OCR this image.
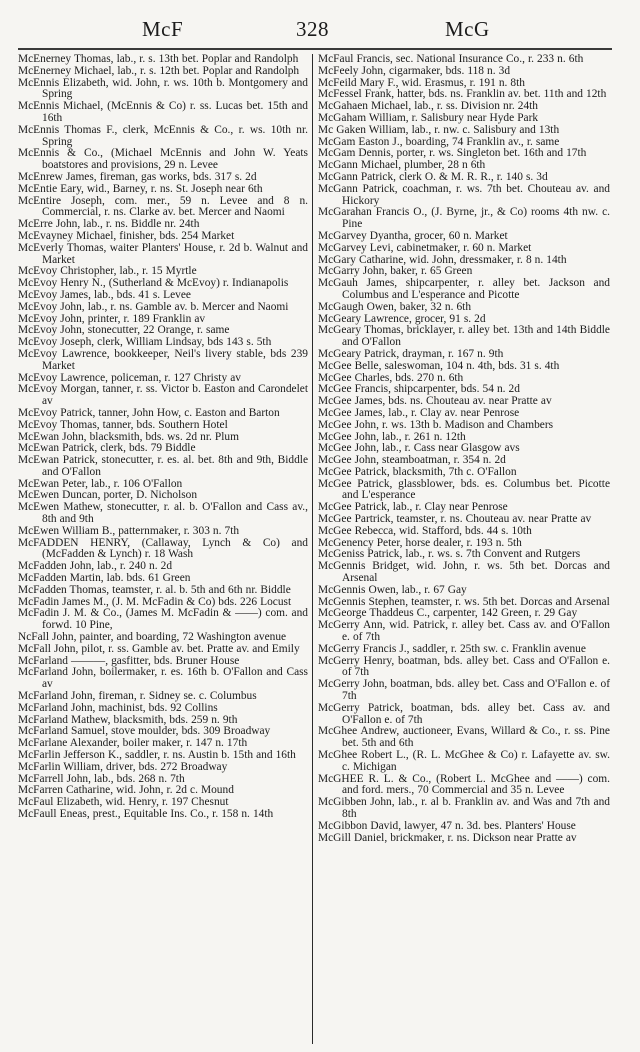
McF	328	McG

McEnerney Thomas, lab., r. s. 13th bet. Poplar and Randolph

McEnerney Michael, lab., r. s. 12th bet. Poplar and Randolph

McEnnis Elizabeth, wid. John, r. ws. 10th b. Montgomery and Spring

McEnnis Michael, (McEnnis & Co) r. ss. Lucas bet. 15th and 16th

McEnnis Thomas F., clerk, McEnnis & Co., r. ws. 10th nr. Spring

McEnnis & Co., (Michael McEnnis and John W. Yeats boatstores and provisions, 29 n. Levee

McEnrew James, fireman, gas works, bds. 317 s. 2d

McEntie Eary, wid., Barney, r. ns. St. Joseph near 6th

McEntire Joseph, com. mer., 59 n. Levee and 8 n. Commercial, r. ns. Clarke av. bet. Mercer and Naomi

McErre John, lab., r. ns. Biddle nr. 24th

McEvayney Michael, finisher, bds. 254 Market

McEverly Thomas, waiter Planters' House, r. 2d b. Walnut and Market

McEvoy Christopher, lab., r. 15 Myrtle

McEvoy Henry N., (Sutherland & McEvoy) r. Indianapolis

McEvoy James, lab., bds. 41 s. Levee

McEvoy John, lab., r. ns. Gamble av. b. Mercer and Naomi

McEvoy John, printer, r. 189 Franklin av

McEvoy John, stonecutter, 22 Orange, r. same

McEvoy Joseph, clerk, William Lindsay, bds 143 s. 5th

McEvoy Lawrence, bookkeeper, Neil's livery stable, bds 239 Market

McEvoy Lawrence, policeman, r. 127 Christy av

McEvoy Morgan, tanner, r. ss. Victor b. Easton and Carondelet av

McEvoy Patrick, tanner, John How, c. Easton and Barton

McEvoy Thomas, tanner, bds. Southern Hotel

McEwan John, blacksmith, bds. ws. 2d nr. Plum

McEwan Patrick, clerk, bds. 79 Biddle

McEwan Patrick, stonecutter, r. es. al. bet. 8th and 9th, Biddle and O'Fallon

McEwan Peter, lab., r. 106 O'Fallon

McEwen Duncan, porter, D. Nicholson

McEwen Mathew, stonecutter, r. al. b. O'Fallon and Cass av., 8th and 9th

McEwen William B., patternmaker, r. 303 n. 7th

McFADDEN HENRY, (Callaway, Lynch & Co) and (McFadden & Lynch) r. 18 Wash

McFadden John, lab., r. 240 n. 2d

McFadden Martin, lab. bds. 61 Green

McFadden Thomas, teamster, r. al. b. 5th and 6th nr. Biddle

McFadin James M., (J. M. McFadin & Co) bds. 226 Locust

McFadin J. M. & Co., (James M. McFadin & ——) com. and forwd. 10 Pine,

NcFall John, painter, and boarding, 72 Washington avenue

McFall John, pilot, r. ss. Gamble av. bet. Pratte av. and Emily

McFarland ———, gasfitter, bds. Bruner House

McFarland John, boilermaker, r. es. 16th b. O'Fallon and Cass av

McFarland John, fireman, r. Sidney se. c. Columbus

McFarland John, machinist, bds. 92 Collins

McFarland Mathew, blacksmith, bds. 259 n. 9th

McFarland Samuel, stove moulder, bds. 309 Broadway

McFarlane Alexander, boiler maker, r. 147 n. 17th

McFarlin Jefferson K., saddler, r. ns. Austin b. 15th and 16th

McFarlin William, driver, bds. 272 Broadway

McFarrell John, lab., bds. 268 n. 7th

McFarren Catharine, wid. John, r. 2d c. Mound

McFaul Elizabeth, wid. Henry, r. 197 Chesnut

McFaull Eneas, prest., Equitable Ins. Co., r. 158 n. 14th

McFaul Francis, sec. National Insurance Co., r. 233 n. 6th

McFeely John, cigarmaker, bds. 118 n. 3d

McFeild Mary F., wid. Erasmus, r. 191 n. 8th

McFessel Frank, hatter, bds. ns. Franklin av. bet. 11th and 12th

McGahaen Michael, lab., r. ss. Division nr. 24th

McGaham William, r. Salisbury near Hyde Park

Mc Gaken William, lab., r. nw. c. Salisbury and 13th

McGam Easton J., boarding, 74 Franklin av., r. same

McGam Dennis, porter, r. ws. Singleton bet. 16th and 17th

McGann Michael, plumber, 28 n 6th

McGann Patrick, clerk O. & M. R. R., r. 140 s. 3d

McGann Patrick, coachman, r. ws. 7th bet. Chouteau av. and Hickory

McGarahan Francis O., (J. Byrne, jr., & Co) rooms 4th nw. c. Pine

McGarvey Dyantha, grocer, 60 n. Market

McGarvey Levi, cabinetmaker, r. 60 n. Market

McGary Catharine, wid. John, dressmaker, r. 8 n. 14th

McGarry John, baker, r. 65 Green

McGauh James, shipcarpenter, r. alley bet. Jackson and Columbus and L'esperance and Picotte

McGaugh Owen, baker, 32 n. 6th

McGeary Lawrence, grocer, 91 s. 2d

McGeary Thomas, bricklayer, r. alley bet. 13th and 14th Biddle and O'Fallon

McGeary Patrick, drayman, r. 167 n. 9th

McGee Belle, saleswoman, 104 n. 4th, bds. 31 s. 4th

McGee Charles, bds. 270 n. 6th

McGee Francis, shipcarpenter, bds. 54 n. 2d

McGee James, bds. ns. Chouteau av. near Pratte av

McGee James, lab., r. Clay av. near Penrose

McGee John, r. ws. 13th b. Madison and Chambers

McGee John, lab., r. 261 n. 12th

McGee John, lab., r. Cass near Glasgow avs

McGee John, steamboatman, r. 354 n. 2d

McGee Patrick, blacksmith, 7th c. O'Fallon

McGee Patrick, glassblower, bds. es. Columbus bet. Picotte and L'esperance

McGee Patrick, lab., r. Clay near Penrose

McGee Partrick, teamster, r. ns. Chouteau av. near Pratte av

McGee Rebecca, wid. Stafford, bds. 44 s. 10th

McGenency Peter, horse dealer, r. 193 n. 5th

McGeniss Patrick, lab., r. ws. s. 7th Convent and Rutgers

McGennis Bridget, wid. John, r. ws. 5th bet. Dorcas and Arsenal

McGennis Owen, lab., r. 67 Gay

McGennis Stephen, teamster, r. ws. 5th bet. Dorcas and Arsenal

McGeorge Thaddeus C., carpenter, 142 Green, r. 29 Gay

McGerry Ann, wid. Patrick, r. alley bet. Cass av. and O'Fallon e. of 7th

McGerry Francis J., saddler, r. 25th sw. c. Franklin avenue

McGerry Henry, boatman, bds. alley bet. Cass and O'Fallon e. of 7th

McGerry John, boatman, bds. alley bet. Cass and O'Fallon e. of 7th

McGerry Patrick, boatman, bds. alley bet. Cass av. and O'Fallon e. of 7th

McGhee Andrew, auctioneer, Evans, Willard & Co., r. ss. Pine bet. 5th and 6th

McGhee Robert L., (R. L. McGhee & Co) r. Lafayette av. sw. c. Michigan

McGHEE R. L. & Co., (Robert L. McGhee and ——) com. and ford. mers., 70 Commercial and 35 n. Levee

McGibben John, lab., r. al b. Franklin av. and Was and 7th and 8th

McGibbon David, lawyer, 47 n. 3d. bes. Planters' House

McGill Daniel, brickmaker, r. ns. Dickson near Pratte av
